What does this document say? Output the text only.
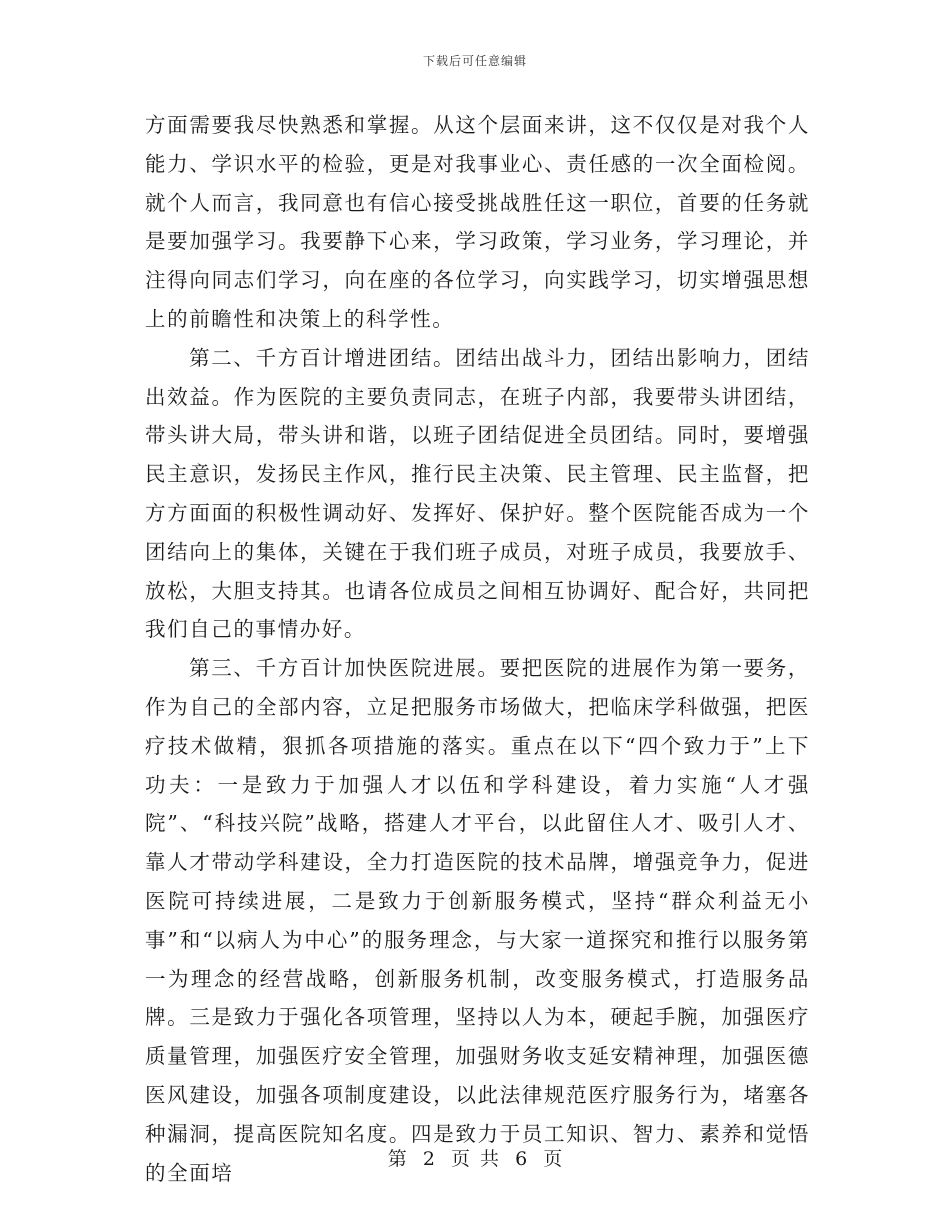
下载后可任意编辑

方面需要我尽快熟悉和掌握。从这个层面来讲，这不仅仅是对我个人能力、学识水平的检验，更是对我事业心、责任感的一次全面检阅。就个人而言，我同意也有信心接受挑战胜任这一职位，首要的任务就是要加强学习。我要静下心来，学习政策，学习业务，学习理论，并注得向同志们学习，向在座的各位学习，向实践学习，切实增强思想上的前瞻性和决策上的科学性。

第二、千方百计增进团结。团结出战斗力，团结出影响力，团结出效益。作为医院的主要负责同志，在班子内部，我要带头讲团结，带头讲大局，带头讲和谐，以班子团结促进全员团结。同时，要增强民主意识，发扬民主作风，推行民主决策、民主管理、民主监督，把方方面面的积极性调动好、发挥好、保护好。整个医院能否成为一个团结向上的集体，关键在于我们班子成员，对班子成员，我要放手、放松，大胆支持其。也请各位成员之间相互协调好、配合好，共同把我们自己的事情办好。

第三、千方百计加快医院进展。要把医院的进展作为第一要务，作为自己的全部内容，立足把服务市场做大，把临床学科做强，把医疗技术做精，狠抓各项措施的落实。重点在以下“四个致力于”上下功夫：一是致力于加强人才以伍和学科建设，着力实施“人才强院”、“科技兴院”战略，搭建人才平台，以此留住人才、吸引人才、靠人才带动学科建设，全力打造医院的技术品牌，增强竞争力，促进医院可持续进展，二是致力于创新服务模式，坚持“群众利益无小事”和“以病人为中心”的服务理念，与大家一道探究和推行以服务第一为理念的经营战略，创新服务机制，改变服务模式，打造服务品牌。三是致力于强化各项管理，坚持以人为本，硬起手腕，加强医疗质量管理，加强医疗安全管理，加强财务收支延安精神理，加强医德医风建设，加强各项制度建设，以此法律规范医疗服务行为，堵塞各种漏洞，提高医院知名度。四是致力于员工知识、智力、素养和觉悟的全面培

第 2 页 共 6 页
